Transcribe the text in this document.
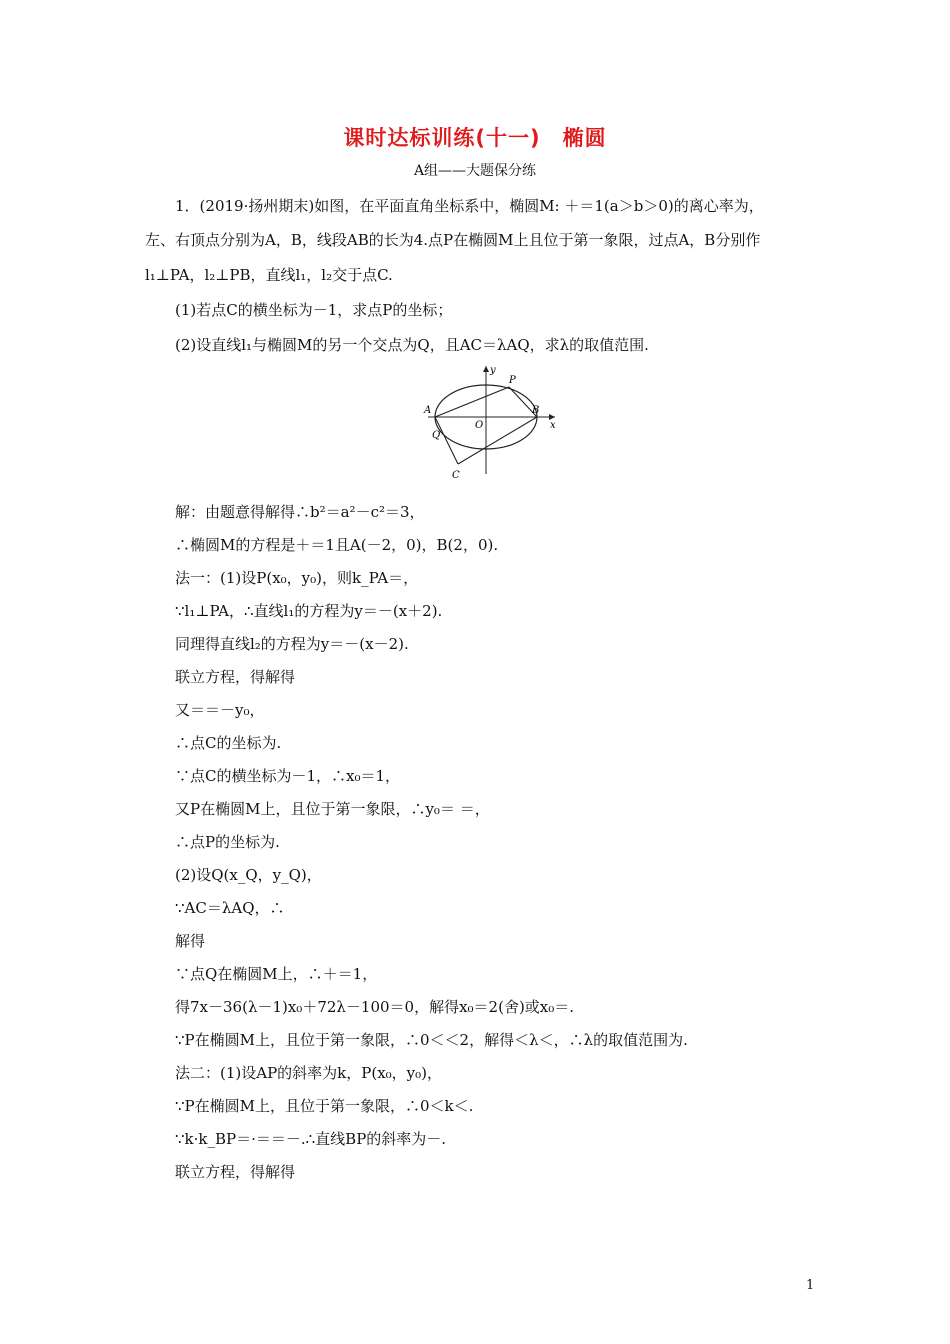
课时达标训练(十一)　椭圆
A组——大题保分练
1．(2019·扬州期末)如图，在平面直角坐标系中，椭圆M: ＋＝1(a＞b＞0)的离心率为，
左、右顶点分别为A，B，线段AB的长为4.点P在椭圆M上且位于第一象限，过点A，B分别作
l₁⊥PA，l₂⊥PB，直线l₁，l₂交于点C.
(1)若点C的横坐标为－1，求点P的坐标；
(2)设直线l₁与椭圆M的另一个交点为Q，且AC＝λAQ，求λ的取值范围.
y
x
A	B
O
P
Q
C
解：由题意得解得∴b²＝a²－c²＝3，
∴椭圆M的方程是＋＝1且A(－2，0)，B(2，0).
法一：(1)设P(x₀，y₀)，则k_PA＝，
∵l₁⊥PA，∴直线l₁的方程为y＝－(x＋2).
同理得直线l₂的方程为y＝－(x－2).
联立方程，得解得
又＝＝－y₀，
∴点C的坐标为.
∵点C的横坐标为－1，∴x₀＝1，
又P在椭圆M上，且位于第一象限，∴y₀＝ ＝，
∴点P的坐标为.
(2)设Q(x_Q，y_Q)，
∵AC＝λAQ，∴
解得
∵点Q在椭圆M上，∴＋＝1，
得7x－36(λ－1)x₀＋72λ－100＝0，解得x₀＝2(舍)或x₀＝.
∵P在椭圆M上，且位于第一象限，∴0＜＜2，解得＜λ＜，∴λ的取值范围为.
法二：(1)设AP的斜率为k，P(x₀，y₀)，
∵P在椭圆M上，且位于第一象限，∴0＜k＜.
∵k·k_BP＝·＝＝－.∴直线BP的斜率为－.
联立方程，得解得
1
